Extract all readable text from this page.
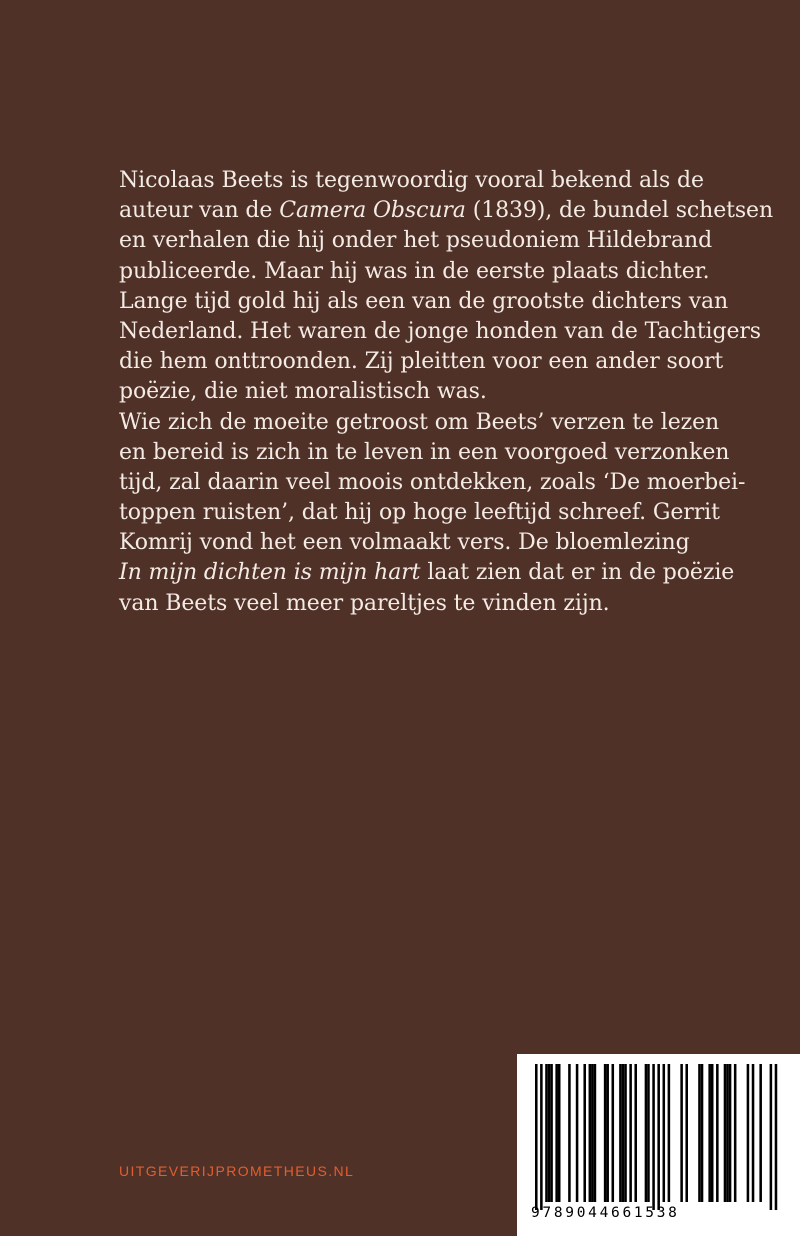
Nicolaas Beets is tegenwoordig vooral bekend als de
auteur van de Camera Obscura (1839), de bundel schetsen
en verhalen die hij onder het pseudoniem Hildebrand
publiceerde. Maar hij was in de eerste plaats dichter.
Lange tijd gold hij als een van de grootste dichters van
Nederland. Het waren de jonge honden van de Tachtigers
die hem onttroonden. Zij pleitten voor een ander soort
poëzie, die niet moralistisch was.
Wie zich de moeite getroost om Beets’ verzen te lezen
en bereid is zich in te leven in een voorgoed verzonken
tijd, zal daarin veel moois ontdekken, zoals ‘De moerbei-
toppen ruisten’, dat hij op hoge leeftijd schreef. Gerrit
Komrij vond het een volmaakt vers. De bloemlezing
In mijn dichten is mijn hart laat zien dat er in de poëzie
van Beets veel meer pareltjes te vinden zijn.
UITGEVERIJPROMETHEUS.NL
9789044661538
